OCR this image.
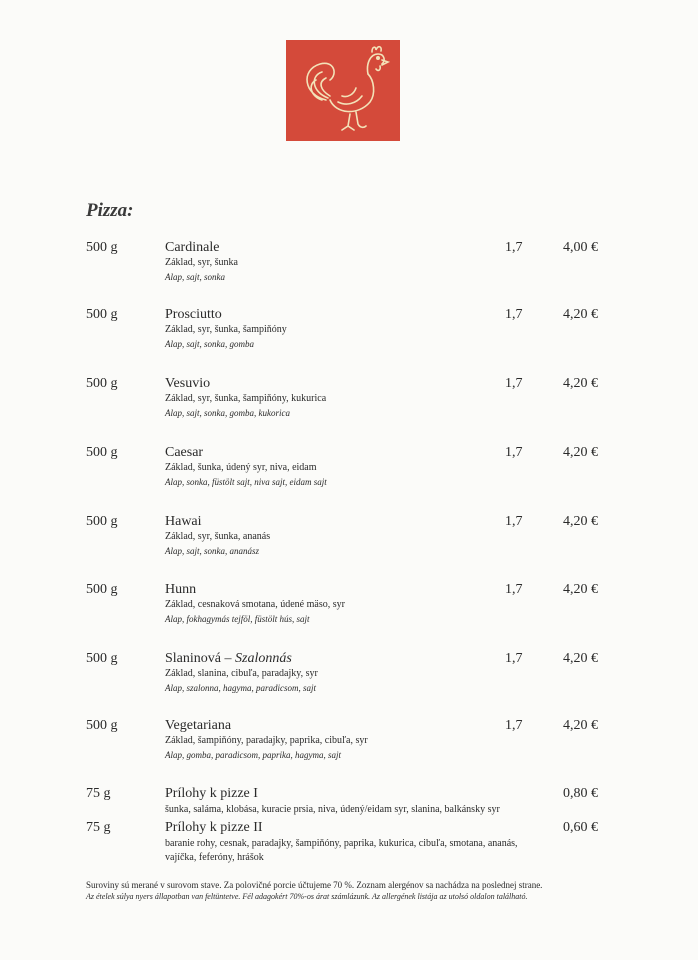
Pizza:
500 g	Cardinale	1,7	4,00 €
Základ, syr, šunka
Alap, sajt, sonka
500 g	Prosciutto	1,7	4,20 €
Základ, syr, šunka, šampiňóny
Alap, sajt, sonka, gomba
500 g	Vesuvio	1,7	4,20 €
Základ, syr, šunka, šampiňóny, kukurica
Alap, sajt, sonka, gomba, kukorica
500 g	Caesar	1,7	4,20 €
Základ, šunka, údený syr, niva, eidam
Alap, sonka, füstölt sajt, niva sajt, eidam sajt
500 g	Hawai	1,7	4,20 €
Základ, syr, šunka, ananás
Alap, sajt, sonka, ananász
500 g	Hunn	1,7	4,20 €
Základ, cesnaková smotana, údené mäso, syr
Alap, fokhagymás tejföl, füstölt hús, sajt
500 g	Slaninová – Szalonnás	1,7	4,20 €
Základ, slanina, cibuľa, paradajky, syr
Alap, szalonna, hagyma, paradicsom, sajt
500 g	Vegetariana	1,7	4,20 €
Základ, šampiňóny, paradajky, paprika, cibuľa, syr
Alap, gomba, paradicsom, paprika, hagyma, sajt
75 g	Prílohy k pizze I	0,80 €
šunka, saláma, klobása, kuracie prsia, niva, údený/eidam syr, slanina, balkánsky syr
75 g	Prílohy k pizze II	0,60 €
baranie rohy, cesnak, paradajky, šampiňóny, paprika, kukurica, cibuľa, smotana, ananás, vajíčka, feferóny, hrášok
Suroviny sú merané v surovom stave. Za polovičné porcie účtujeme 70 %. Zoznam alergénov sa nachádza na poslednej strane.
Az ételek súlya nyers állapotban van feltüntetve. Fél adagokért 70%-os árat számlázunk. Az allergének listája az utolsó oldalon található.
